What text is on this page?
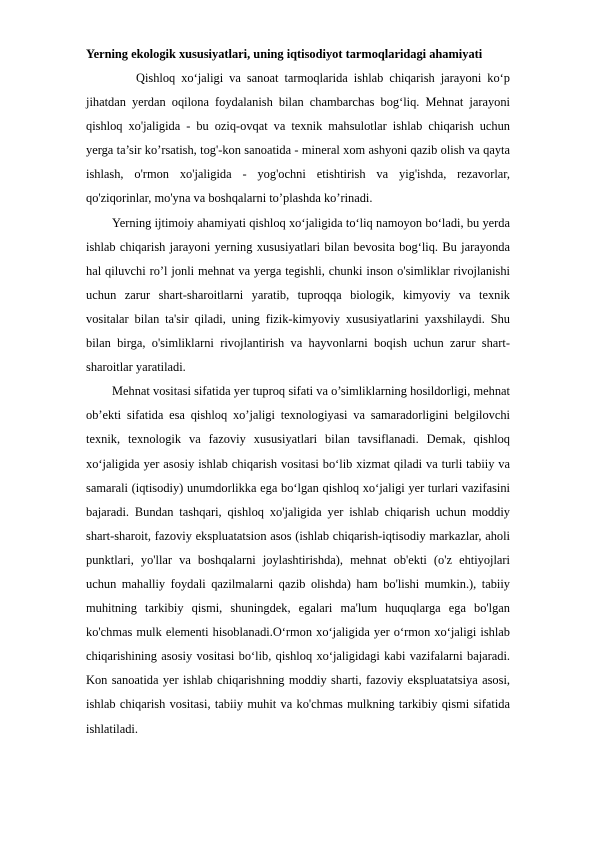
Yerning ekologik xususiyatlari, uning iqtisodiyot tarmoqlaridagi ahamiyati

Qishloq xo‘jaligi va sanoat tarmoqlarida ishlab chiqarish jarayoni ko‘p jihatdan yerdan oqilona foydalanish bilan chambarchas bog‘liq. Mehnat jarayoni qishloq xo'jaligida - bu oziq-ovqat va texnik mahsulotlar ishlab chiqarish uchun yerga ta’sir ko’rsatish, tog'-kon sanoatida - mineral xom ashyoni qazib olish va qayta ishlash, o'rmon xo'jaligida - yog'ochni etishtirish va yig'ishda, rezavorlar, qo'ziqorinlar, mo'yna va boshqalarni to’plashda ko’rinadi.

Yerning ijtimoiy ahamiyati qishloq xo‘jaligida to‘liq namoyon bo‘ladi, bu yerda ishlab chiqarish jarayoni yerning xususiyatlari bilan bevosita bog‘liq. Bu jarayonda hal qiluvchi ro’l jonli mehnat va yerga tegishli, chunki inson o'simliklar rivojlanishi uchun zarur shart-sharoitlarni yaratib, tuproqqa biologik, kimyoviy va texnik vositalar bilan ta'sir qiladi, uning fizik-kimyoviy xususiyatlarini yaxshilaydi. Shu bilan birga, o'simliklarni rivojlantirish va hayvonlarni boqish uchun zarur shart-sharoitlar yaratiladi.

Mehnat vositasi sifatida yer tuproq sifati va o’simliklarning hosildorligi, mehnat ob’ekti sifatida esa qishloq xo’jaligi texnologiyasi va samaradorligini belgilovchi texnik, texnologik va fazoviy xususiyatlari bilan tavsiflanadi. Demak, qishloq xo‘jaligida yer asosiy ishlab chiqarish vositasi bo‘lib xizmat qiladi va turli tabiiy va samarali (iqtisodiy) unumdorlikka ega bo‘lgan qishloq xo‘jaligi yer turlari vazifasini bajaradi. Bundan tashqari, qishloq xo'jaligida yer ishlab chiqarish uchun moddiy shart-sharoit, fazoviy ekspluatatsion asos (ishlab chiqarish-iqtisodiy markazlar, aholi punktlari, yo'llar va boshqalarni joylashtirishda), mehnat ob'ekti (o'z ehtiyojlari uchun mahalliy foydali qazilmalarni qazib olishda) ham bo'lishi mumkin.), tabiiy muhitning tarkibiy qismi, shuningdek, egalari ma'lum huquqlarga ega bo'lgan ko'chmas mulk elementi hisoblanadi.O‘rmon xo‘jaligida yer o‘rmon xo‘jaligi ishlab chiqarishining asosiy vositasi bo‘lib, qishloq xo‘jaligidagi kabi vazifalarni bajaradi. Kon sanoatida yer ishlab chiqarishning moddiy sharti, fazoviy ekspluatatsiya asosi, ishlab chiqarish vositasi, tabiiy muhit va ko'chmas mulkning tarkibiy qismi sifatida ishlatiladi.
